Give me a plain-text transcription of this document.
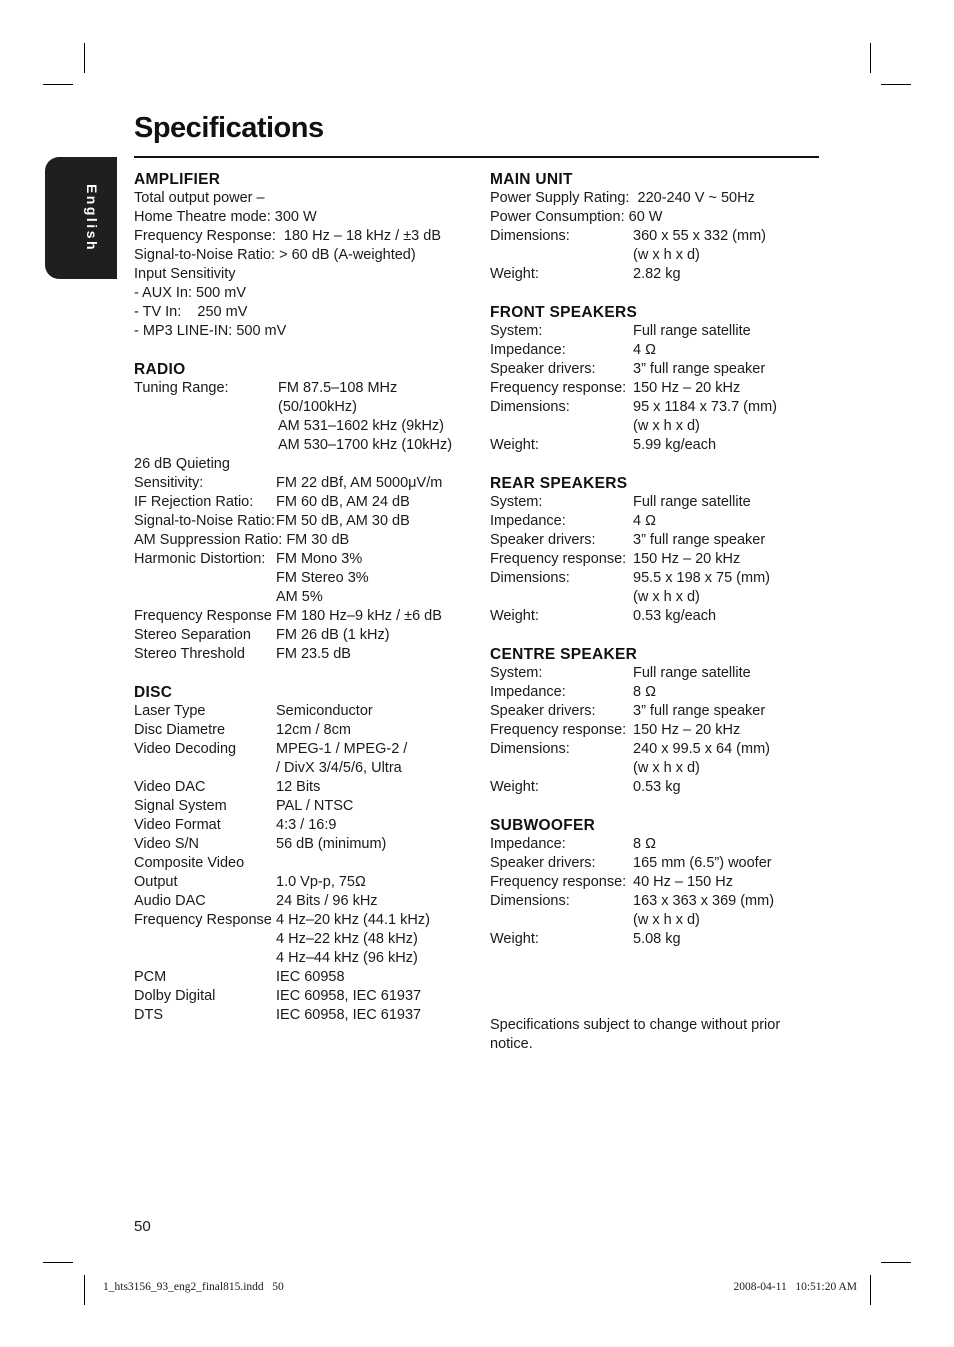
English
Specifications
AMPLIFIER
Total output power –
Home Theatre mode: 300 W
Frequency Response: 180 Hz – 18 kHz / ±3 dB
Signal-to-Noise Ratio: > 60 dB (A-weighted)
Input Sensitivity
- AUX In: 500 mV
- TV In: 250 mV
- MP3 LINE-IN: 500 mV
RADIO
Tuning Range:	FM 87.5–108 MHz
(50/100kHz)
AM 531–1602 kHz (9kHz)
AM 530–1700 kHz (10kHz)
26 dB Quieting
Sensitivity:	FM 22 dBf, AM 5000μV/m
IF Rejection Ratio:	FM 60 dB, AM 24 dB
Signal-to-Noise Ratio: FM 50 dB, AM 30 dB
AM Suppression Ratio: FM 30 dB
Harmonic Distortion: FM Mono 3%
FM Stereo 3%
AM 5%
Frequency Response FM 180 Hz–9 kHz / ±6 dB
Stereo Separation	FM 26 dB (1 kHz)
Stereo Threshold	FM 23.5 dB
DISC
Laser Type	Semiconductor
Disc Diametre	12cm / 8cm
Video Decoding	MPEG-1 / MPEG-2 /
/ DivX 3/4/5/6, Ultra
Video DAC	12 Bits
Signal System	PAL / NTSC
Video Format	4:3 / 16:9
Video S/N	56 dB (minimum)
Composite Video
Output	1.0 Vp-p, 75Ω
Audio DAC	24 Bits / 96 kHz
Frequency Response 4 Hz–20 kHz (44.1 kHz)
4 Hz–22 kHz (48 kHz)
4 Hz–44 kHz (96 kHz)
PCM	IEC 60958
Dolby Digital	IEC 60958, IEC 61937
DTS	IEC 60958, IEC 61937
MAIN UNIT
Power Supply Rating: 220-240 V ~ 50Hz
Power Consumption: 60 W
Dimensions:	360 x 55 x 332 (mm)
(w x h x d)
Weight:	2.82 kg
FRONT SPEAKERS
System:	Full range satellite
Impedance:	4 Ω
Speaker drivers:	3” full range speaker
Frequency response: 150 Hz – 20 kHz
Dimensions:	95 x 1184 x 73.7 (mm)
(w x h x d)
Weight:	5.99 kg/each
REAR SPEAKERS
System:	Full range satellite
Impedance:	4 Ω
Speaker drivers:	3” full range speaker
Frequency response: 150 Hz – 20 kHz
Dimensions:	95.5 x 198 x 75 (mm)
(w x h x d)
Weight:	0.53 kg/each
CENTRE SPEAKER
System:	Full range satellite
Impedance:	8 Ω
Speaker drivers:	3” full range speaker
Frequency response: 150 Hz – 20 kHz
Dimensions:	240 x 99.5 x 64 (mm)
(w x h x d)
Weight:	0.53 kg
SUBWOOFER
Impedance:	8 Ω
Speaker drivers:	165 mm (6.5”) woofer
Frequency response: 40 Hz – 150 Hz
Dimensions:	163 x 363 x 369 (mm)
(w x h x d)
Weight:	5.08 kg
Specifications subject to change without prior notice.
50
1_hts3156_93_eng2_final815.indd   50	2008-04-11   10:51:20 AM
